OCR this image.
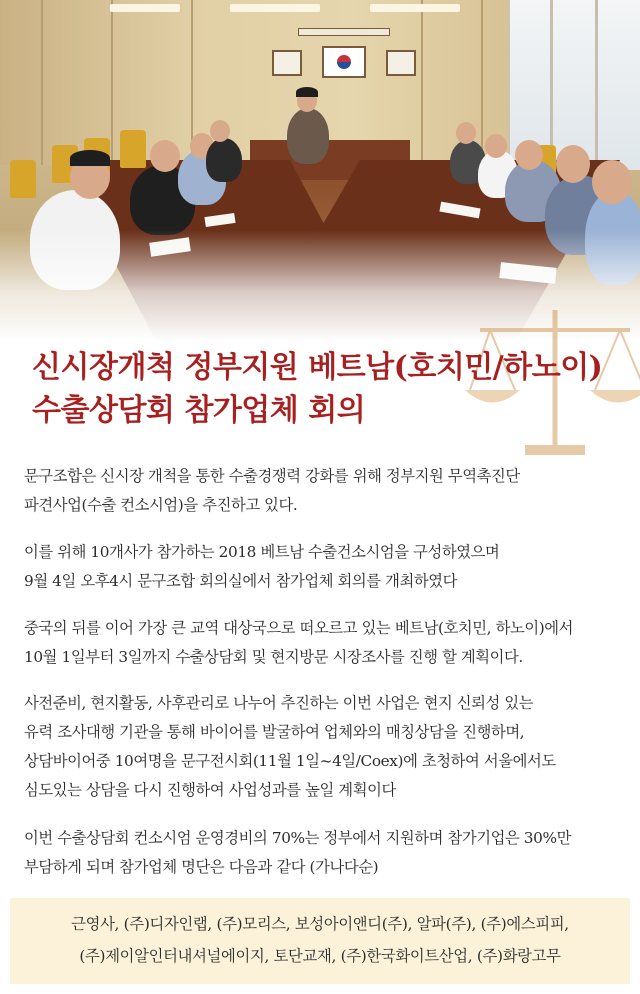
신시장개척 정부지원 베트남(호치민/하노이)
수출상담회 참가업체 회의

문구조합은 신시장 개척을 통한 수출경쟁력 강화를 위해 정부지원 무역촉진단
파견사업(수출 컨소시엄)을 추진하고 있다.

이를 위해 10개사가 참가하는 2018 베트남 수출건소시엄을 구성하였으며
9월 4일 오후4시 문구조합 회의실에서 참가업체 회의를 개최하였다

중국의 뒤를 이어 가장 큰 교역 대상국으로 떠오르고 있는 베트남(호치민, 하노이)에서
10월 1일부터 3일까지 수출상담회 및 현지방문 시장조사를 진행 할 계획이다.

사전준비, 현지활동, 사후관리로 나누어 추진하는 이번 사업은 현지 신뢰성 있는
유력 조사대행 기관을 통해 바이어를 발굴하여 업체와의 매칭상담을 진행하며,
상담바이어중 10여명을 문구전시회(11월 1일~4일/Coex)에 초청하여 서울에서도
심도있는 상담을 다시 진행하여 사업성과를 높일 계획이다

이번 수출상담회 컨소시엄 운영경비의 70%는 정부에서 지원하며 참가기업은 30%만
부담하게 되며 참가업체 명단은 다음과 같다 (가나다순)

근영사, (주)디자인랩, (주)모리스, 보성아이앤디(주), 알파(주), (주)에스피피,
(주)제이알인터내셔널에이지, 토단교재, (주)한국화이트산업, (주)화랑고무
